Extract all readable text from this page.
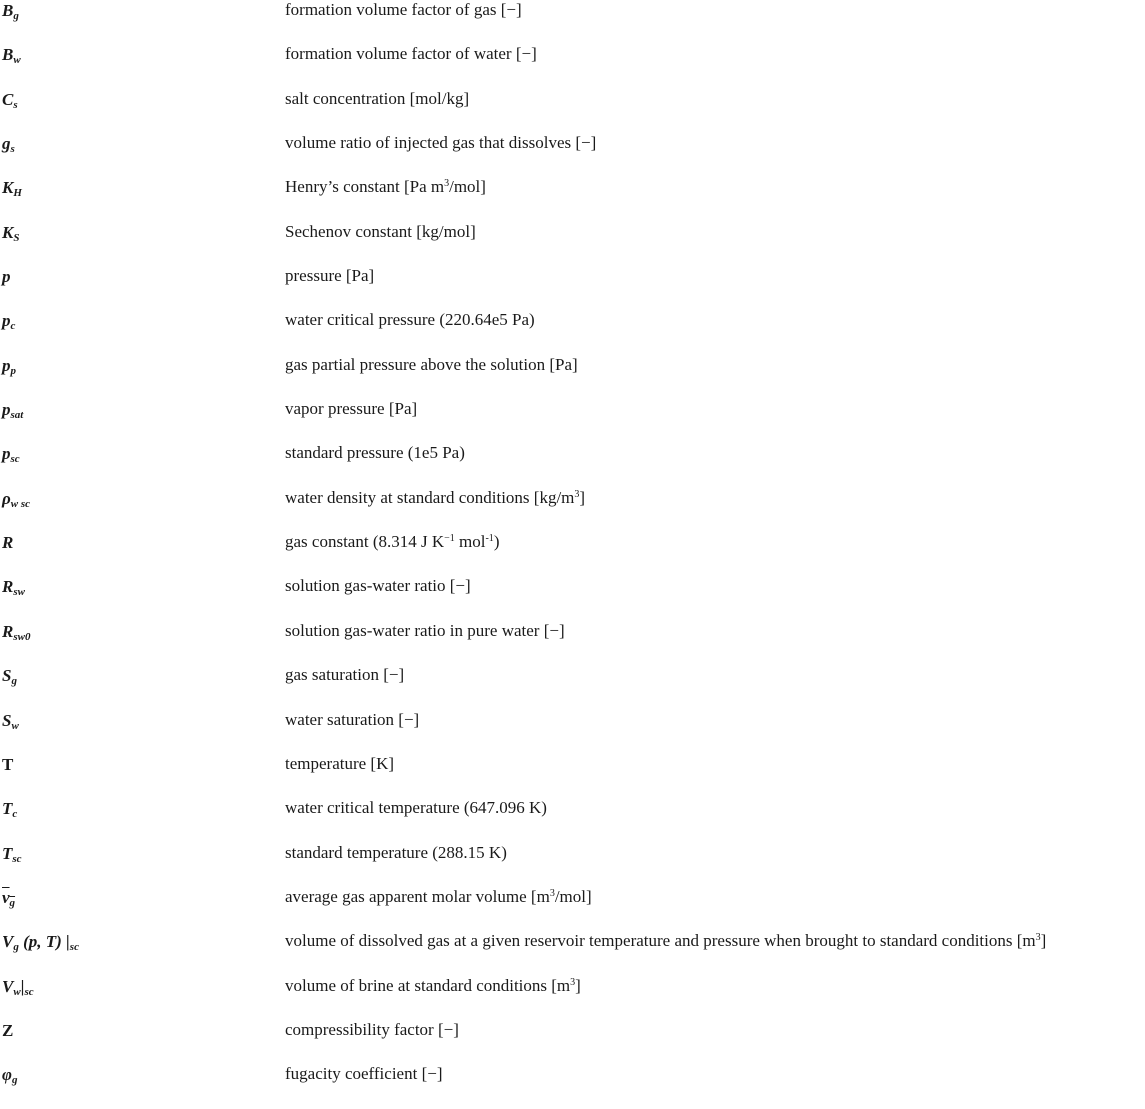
$B_g$	formation volume factor of gas [−]
$B_w$	formation volume factor of water [−]
$C_s$	salt concentration [mol/kg]
$g_s$	volume ratio of injected gas that dissolves [−]
$K_H$	Henry’s constant [Pa $m^3/mol$]
$K_S$	Sechenov constant [kg/mol]
p	pressure [Pa]
$p_c$	water critical pressure (220.64e5 Pa)
$p_p$	gas partial pressure above the solution [Pa]
$p_{sat}$	vapor pressure [Pa]
$p_{sc}$	standard pressure (1e5 Pa)
$\rho_{w sc}$	water density at standard conditions $[kg/m^3]$
R	gas constant (8.314 J $K^{-1}$ mol$^{-1}$)
$R_{sw}$	solution gas-water ratio [−]
$R_{sw0}$	solution gas-water ratio in pure water [−]
$S_g$	gas saturation [−]
$S_w$	water saturation [−]
T	temperature [K]
$T_c$	water critical temperature (647.096 K)
$T_{sc}$	standard temperature (288.15 K)
$v_g$	average gas apparent molar volume $[m^3/mol]$
$V_g$ (p, T) $|_{sc}$	volume of dissolved gas at a given reservoir temperature and pressure when brought to standard conditions $[m^3]$
$V_w|_{sc}$	volume of brine at standard conditions $[m^3]$
Z	compressibility factor [−]
$\varphi_g$	fugacity coefficient [−]
